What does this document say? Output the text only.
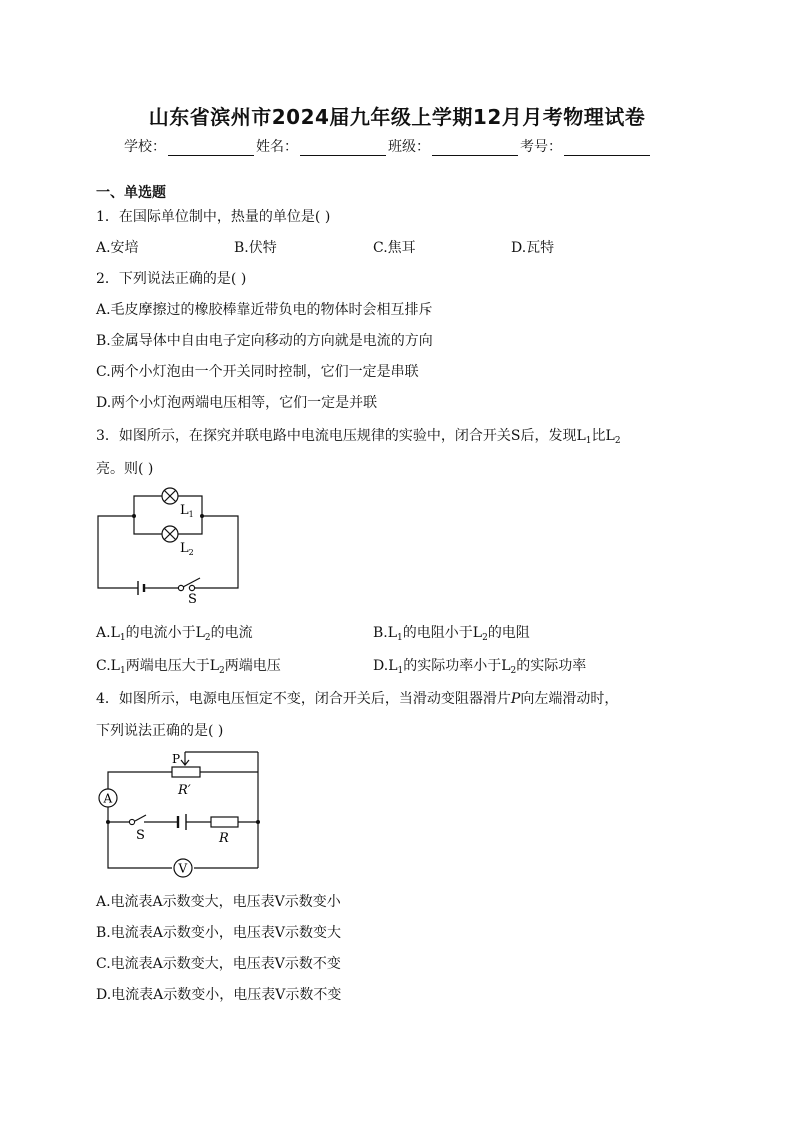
山东省滨州市2024届九年级上学期12月月考物理试卷
学校：	姓名：	班级：	考号：
一、单选题
1．在国际单位制中，热量的单位是( )
A.安培	B.伏特	C.焦耳	D.瓦特
2．下列说法正确的是( )
A.毛皮摩擦过的橡胶棒靠近带负电的物体时会相互排斥
B.金属导体中自由电子定向移动的方向就是电流的方向
C.两个小灯泡由一个开关同时控制，它们一定是串联
D.两个小灯泡两端电压相等，它们一定是并联
3．如图所示，在探究并联电路中电流电压规律的实验中，闭合开关S后，发现$L_1$比$L_2$
亮。则( )
$L_1$
$L_2$
S
$A.L_1$的电流小于$L_2$的电流	$B.L_1$的电阻小于$L_2$的电阻
$C.L_1$两端电压大于$L_2$两端电压	$D.L_1$的实际功率小于$L_2$的实际功率
4．如图所示，电源电压恒定不变，闭合开关后，当滑动变阻器滑片P向左端滑动时，
下列说法正确的是( )
A
V
P
R′
S	R
A.电流表A示数变大，电压表V示数变小
B.电流表A示数变小，电压表V示数变大
C.电流表A示数变大，电压表V示数不变
D.电流表A示数变小，电压表V示数不变
